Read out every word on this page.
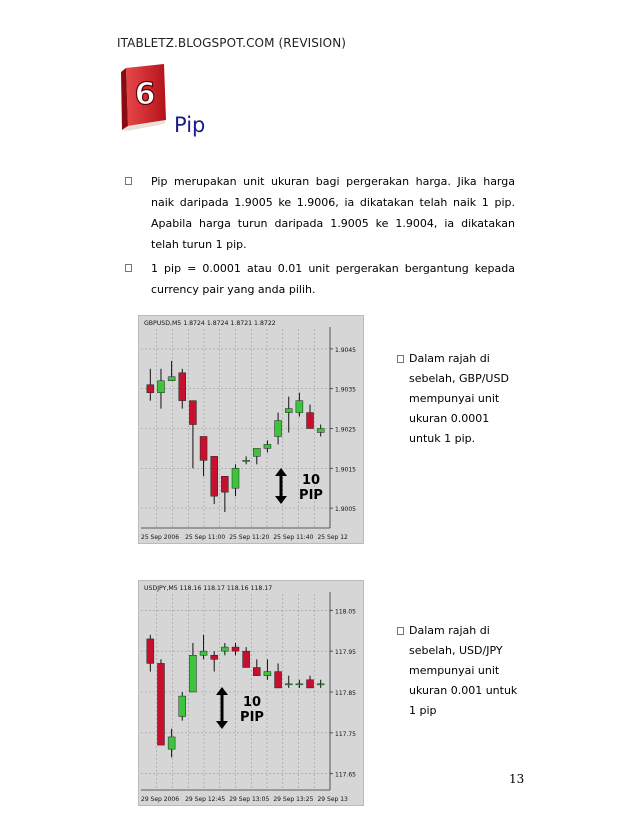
ITABLETZ.BLOGSPOT.COM (REVISION)
6
Pip
Pip merupakan unit ukuran bagi pergerakan harga. Jika harga naik daripada 1.9005 ke 1.9006, ia dikatakan telah naik 1 pip. Apabila harga turun daripada 1.9005 ke 1.9004, ia dikatakan telah turun 1 pip.
1 pip = 0.0001 atau 0.01 unit pergerakan bergantung kepada currency pair yang anda pilih.
1.9045
1.9035
1.9025
1.9015
1.9005
GBPUSD,M5 1.8724 1.8724 1.8721 1.8722
25 Sep 2006 25 Sep 11:00 25 Sep 11:20 25 Sep 11:40 25 Sep 12
10
PIP
Dalam rajah di sebelah, GBP/USD mempunyai unit ukuran 0.0001 untuk 1 pip.
118.05
117.95
117.85
117.75
117.65
USDJPY,M5 118.16 118.17 118.16 118.17
29 Sep 2006 29 Sep 12:45 29 Sep 13:05 29 Sep 13:25 29 Sep 13
10
PIP
Dalam rajah di sebelah, USD/JPY mempunyai unit ukuran 0.001 untuk 1 pip
13
